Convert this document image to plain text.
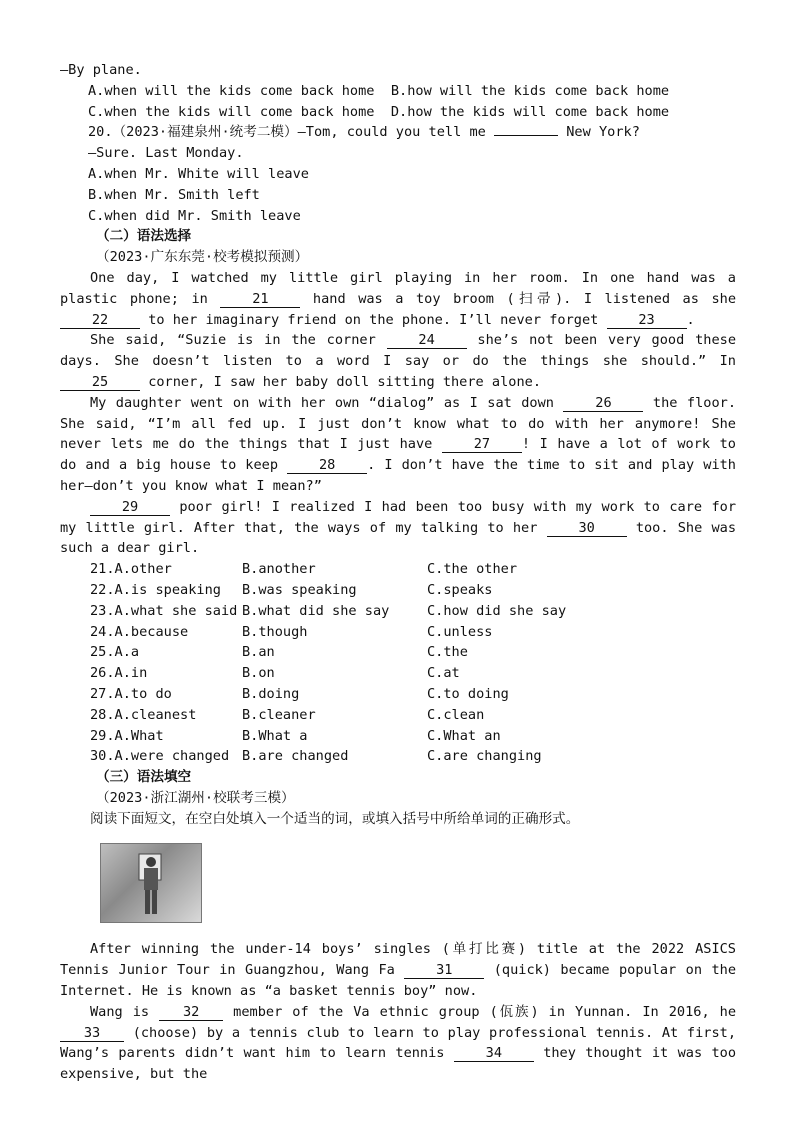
—By plane.
A.when will the kids come back home B.how will the kids come back home
C.when the kids will come back home D.how the kids will come back home
20.（2023·福建泉州·统考二模）—Tom, could you tell me	New York?
—Sure. Last Monday.
A.when Mr. White will leave
B.when Mr. Smith left
C.when did Mr. Smith leave
（二）语法选择
（2023·广东东莞·校考模拟预测）
One day, I watched my little girl playing in her room. In one hand was a plastic phone; in	21	hand was a toy broom (扫帚). I listened as she 22	to her imaginary friend on the phone. I’ll never forget	23 .
She said, “Suzie is in the corner	24	she’s not been very good these days. She doesn’t listen to a word I say or do the things she should.” In 25	corner, I saw her baby doll sitting there alone.
My daughter went on with her own “dialog” as I sat down	26	the floor. She said, “I’m all fed up. I just don’t know what to do with her anymore! She never lets me do the things that I just have	27 ! I have a lot of work to do and a big house to keep	28 . I don’t have the time to sit and play with her—don’t you know what I mean?”
29	poor girl! I realized I had been too busy with my work to care for my little girl. After that, the ways of my talking to her	30	too. She was such a dear girl.
21.A.other	B.another	C.the other
22.A.is speaking	B.was speaking	C.speaks
23.A.what she said B.what did she say	C.how did she say
24.A.because	B.though	C.unless
25.A.a	B.an	C.the
26.A.in	B.on	C.at
27.A.to do	B.doing	C.to doing
28.A.cleanest	B.cleaner	C.clean
29.A.What	B.What a	C.What an
30.A.were changed B.are changed	C.are changing
（三）语法填空
（2023·浙江湖州·校联考三模）
阅读下面短文，在空白处填入一个适当的词，或填入括号中所给单词的正确形式。
After winning the under-14 boys’ singles (单打比赛) title at the 2022 ASICS Tennis Junior Tour in Guangzhou, Wang Fa	31	(quick) became popular on the Internet. He is known as “a basket tennis boy” now.
Wang is 32 member of the Va ethnic group (佤族) in Yunnan. In 2016, he 33 (choose) by a tennis club to learn to play professional tennis. At first, Wang’s parents didn’t want him to learn tennis	34	they thought it was too expensive, but the
